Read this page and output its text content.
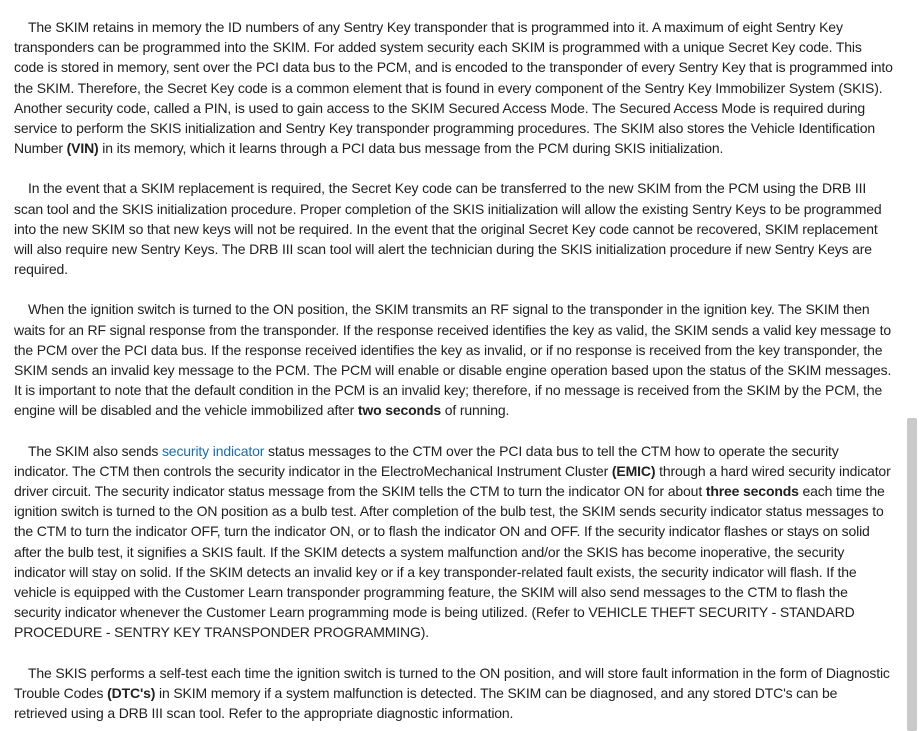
The SKIM retains in memory the ID numbers of any Sentry Key transponder that is programmed into it. A maximum of eight Sentry Key transponders can be programmed into the SKIM. For added system security each SKIM is programmed with a unique Secret Key code. This code is stored in memory, sent over the PCI data bus to the PCM, and is encoded to the transponder of every Sentry Key that is programmed into the SKIM. Therefore, the Secret Key code is a common element that is found in every component of the Sentry Key Immobilizer System (SKIS). Another security code, called a PIN, is used to gain access to the SKIM Secured Access Mode. The Secured Access Mode is required during service to perform the SKIS initialization and Sentry Key transponder programming procedures. The SKIM also stores the Vehicle Identification Number (VIN) in its memory, which it learns through a PCI data bus message from the PCM during SKIS initialization.

In the event that a SKIM replacement is required, the Secret Key code can be transferred to the new SKIM from the PCM using the DRB III scan tool and the SKIS initialization procedure. Proper completion of the SKIS initialization will allow the existing Sentry Keys to be programmed into the new SKIM so that new keys will not be required. In the event that the original Secret Key code cannot be recovered, SKIM replacement will also require new Sentry Keys. The DRB III scan tool will alert the technician during the SKIS initialization procedure if new Sentry Keys are required.

When the ignition switch is turned to the ON position, the SKIM transmits an RF signal to the transponder in the ignition key. The SKIM then waits for an RF signal response from the transponder. If the response received identifies the key as valid, the SKIM sends a valid key message to the PCM over the PCI data bus. If the response received identifies the key as invalid, or if no response is received from the key transponder, the SKIM sends an invalid key message to the PCM. The PCM will enable or disable engine operation based upon the status of the SKIM messages. It is important to note that the default condition in the PCM is an invalid key; therefore, if no message is received from the SKIM by the PCM, the engine will be disabled and the vehicle immobilized after two seconds of running.

The SKIM also sends security indicator status messages to the CTM over the PCI data bus to tell the CTM how to operate the security indicator. The CTM then controls the security indicator in the ElectroMechanical Instrument Cluster (EMIC) through a hard wired security indicator driver circuit. The security indicator status message from the SKIM tells the CTM to turn the indicator ON for about three seconds each time the ignition switch is turned to the ON position as a bulb test. After completion of the bulb test, the SKIM sends security indicator status messages to the CTM to turn the indicator OFF, turn the indicator ON, or to flash the indicator ON and OFF. If the security indicator flashes or stays on solid after the bulb test, it signifies a SKIS fault. If the SKIM detects a system malfunction and/or the SKIS has become inoperative, the security indicator will stay on solid. If the SKIM detects an invalid key or if a key transponder-related fault exists, the security indicator will flash. If the vehicle is equipped with the Customer Learn transponder programming feature, the SKIM will also send messages to the CTM to flash the security indicator whenever the Customer Learn programming mode is being utilized. (Refer to VEHICLE THEFT SECURITY - STANDARD PROCEDURE - SENTRY KEY TRANSPONDER PROGRAMMING).

The SKIS performs a self-test each time the ignition switch is turned to the ON position, and will store fault information in the form of Diagnostic Trouble Codes (DTC's) in SKIM memory if a system malfunction is detected. The SKIM can be diagnosed, and any stored DTC's can be retrieved using a DRB III scan tool. Refer to the appropriate diagnostic information.
